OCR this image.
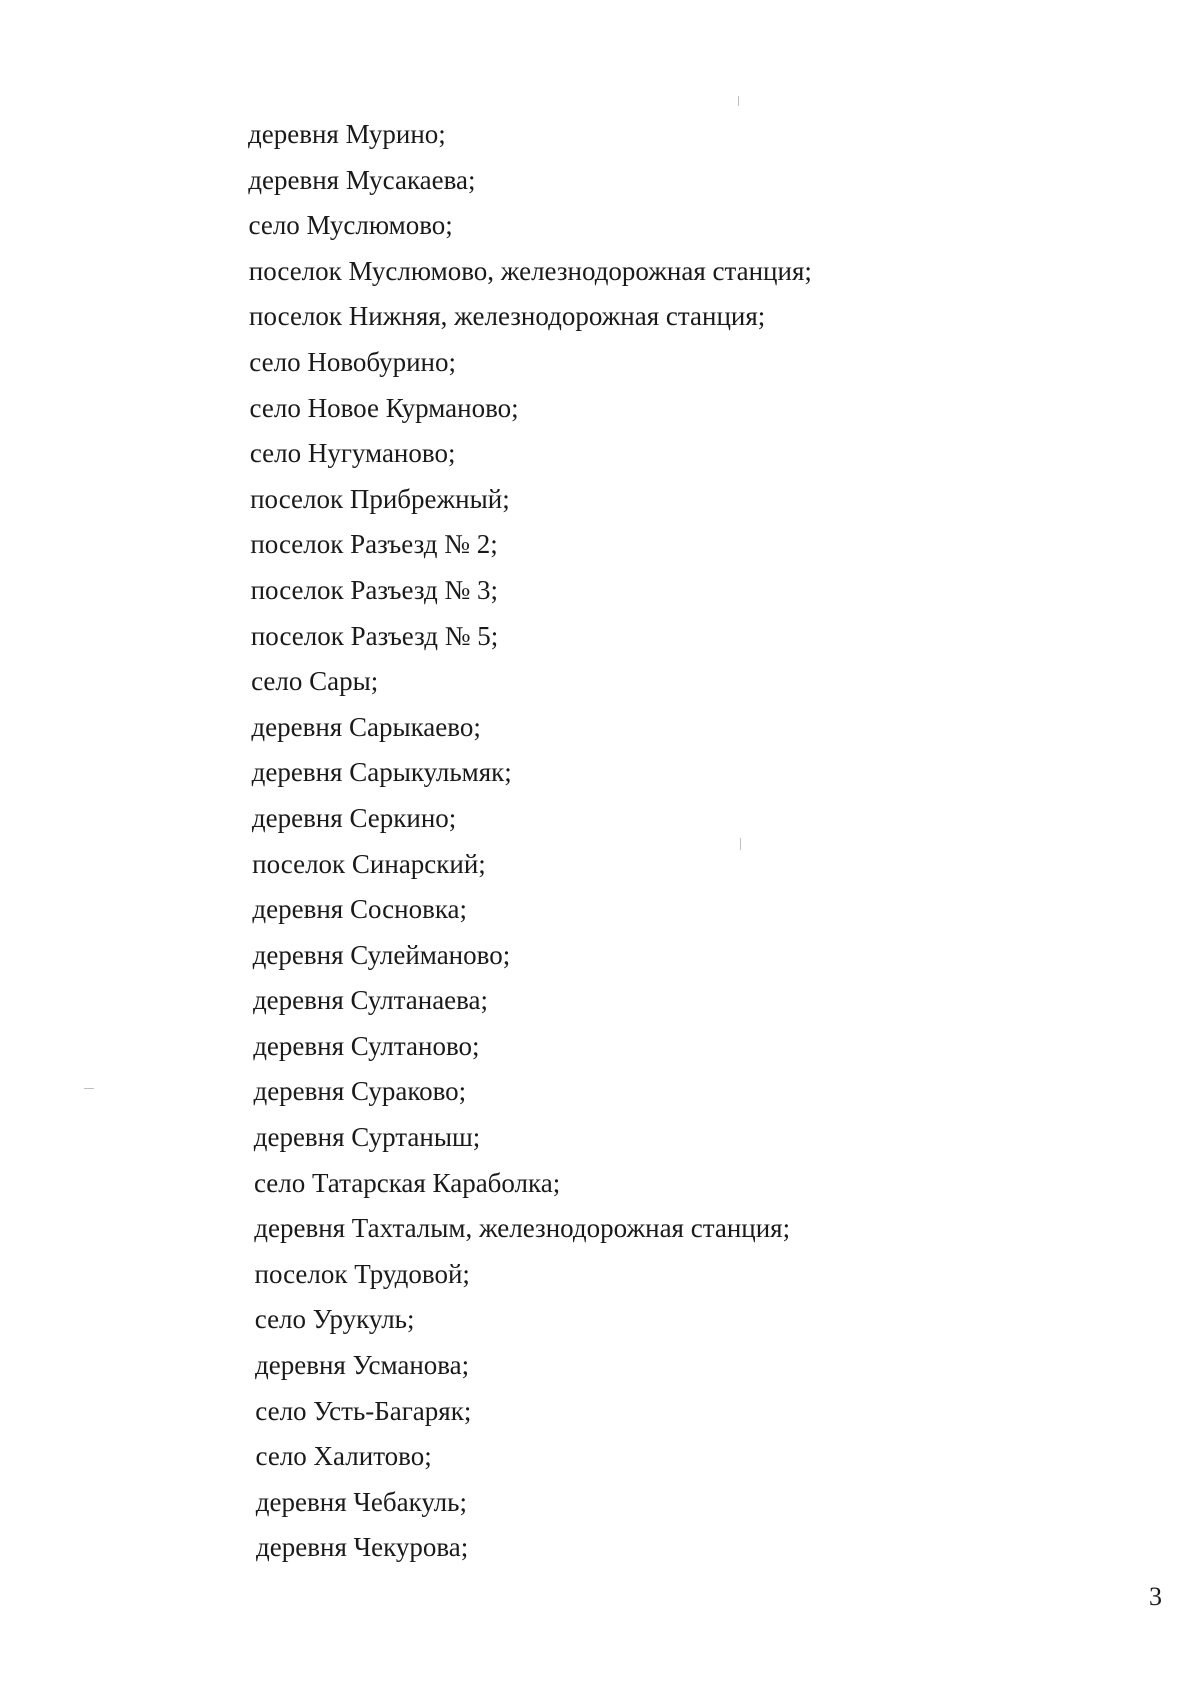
деревня Мурино;
деревня Мусакаева;
село Муслюмово;
поселок Муслюмово, железнодорожная станция;
поселок Нижняя, железнодорожная станция;
село Новобурино;
село Новое Курманово;
село Нугуманово;
поселок Прибрежный;
поселок Разъезд № 2;
поселок Разъезд № 3;
поселок Разъезд № 5;
село Сары;
деревня Сарыкаево;
деревня Сарыкульмяк;
деревня Серкино;
поселок Синарский;
деревня Сосновка;
деревня Сулейманово;
деревня Султанаева;
деревня Султаново;
деревня Сураково;
деревня Суртаныш;
село Татарская Караболка;
деревня Тахталым, железнодорожная станция;
поселок Трудовой;
село Урукуль;
деревня Усманова;
село Усть-Багаряк;
село Халитово;
деревня Чебакуль;
деревня Чекурова;
3
